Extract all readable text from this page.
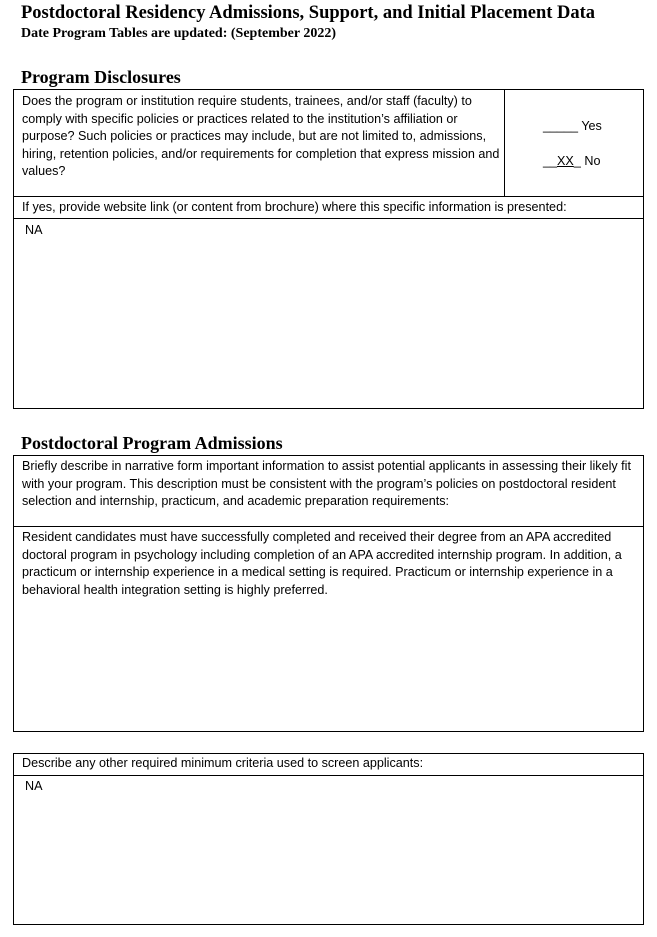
Postdoctoral Residency Admissions, Support, and Initial Placement Data
Date Program Tables are updated: (September 2022)
Program Disclosures
Does the program or institution require students, trainees, and/or staff (faculty) to comply with specific policies or practices related to the institution’s affiliation or purpose? Such policies or practices may include, but are not limited to, admissions, hiring, retention policies, and/or requirements for completion that express mission and values?
_____ Yes
__XX_ No
If yes, provide website link (or content from brochure) where this specific information is presented:
NA
Postdoctoral Program Admissions
Briefly describe in narrative form important information to assist potential applicants in assessing their likely fit with your program. This description must be consistent with the program’s policies on postdoctoral resident selection and internship, practicum, and academic preparation requirements:
Resident candidates must have successfully completed and received their degree from an APA accredited doctoral program in psychology including completion of an APA accredited internship program. In addition, a practicum or internship experience in a medical setting is required. Practicum or internship experience in a behavioral health integration setting is highly preferred.
Describe any other required minimum criteria used to screen applicants:
NA
